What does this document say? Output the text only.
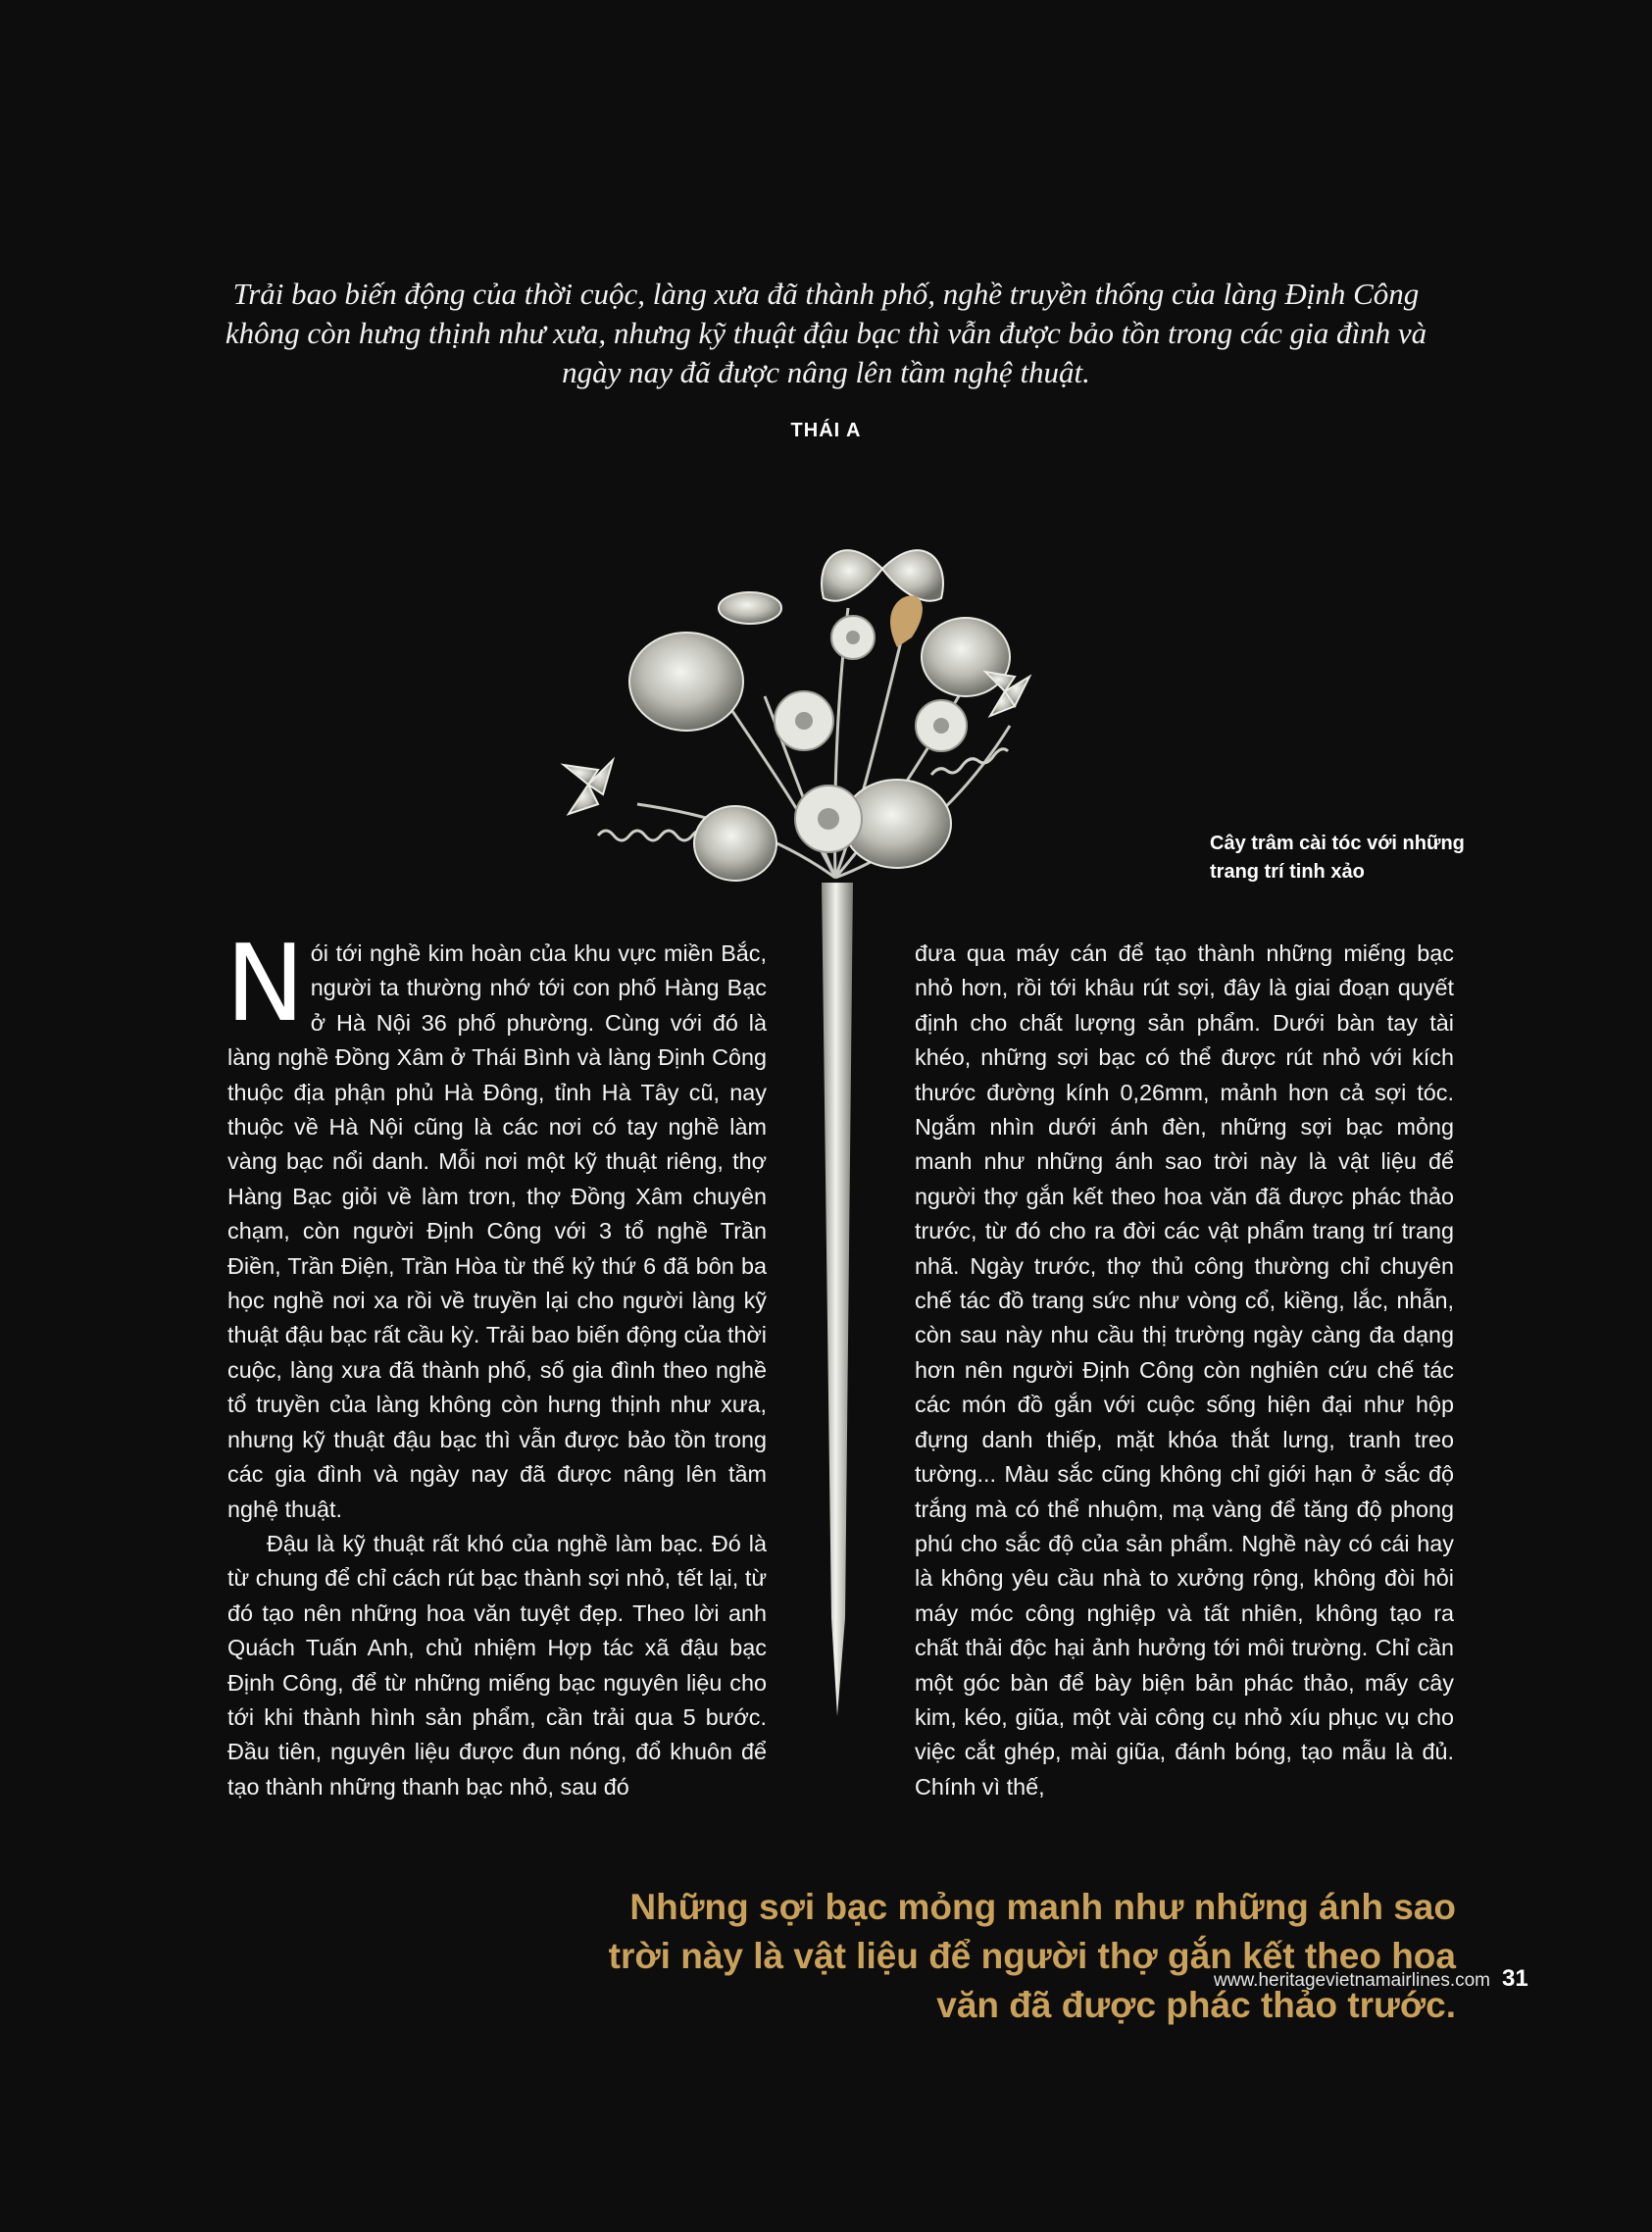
Trải bao biến động của thời cuộc, làng xưa đã thành phố, nghề truyền thống của làng Định Công không còn hưng thịnh như xưa, nhưng kỹ thuật đậu bạc thì vẫn được bảo tồn trong các gia đình và ngày nay đã được nâng lên tầm nghệ thuật.
THÁI A
Cây trâm cài tóc với những trang trí tinh xảo

Nói tới nghề kim hoàn của khu vực miền Bắc, người ta thường nhớ tới con phố Hàng Bạc ở Hà Nội 36 phố phường. Cùng với đó là làng nghề Đồng Xâm ở Thái Bình và làng Định Công thuộc địa phận phủ Hà Đông, tỉnh Hà Tây cũ, nay thuộc về Hà Nội cũng là các nơi có tay nghề làm vàng bạc nổi danh. Mỗi nơi một kỹ thuật riêng, thợ Hàng Bạc giỏi về làm trơn, thợ Đồng Xâm chuyên chạm, còn người Định Công với 3 tổ nghề Trần Điền, Trần Điện, Trần Hòa từ thế kỷ thứ 6 đã bôn ba học nghề nơi xa rồi về truyền lại cho người làng kỹ thuật đậu bạc rất cầu kỳ. Trải bao biến động của thời cuộc, làng xưa đã thành phố, số gia đình theo nghề tổ truyền của làng không còn hưng thịnh như xưa, nhưng kỹ thuật đậu bạc thì vẫn được bảo tồn trong các gia đình và ngày nay đã được nâng lên tầm nghệ thuật.

Đậu là kỹ thuật rất khó của nghề làm bạc. Đó là từ chung để chỉ cách rút bạc thành sợi nhỏ, tết lại, từ đó tạo nên những hoa văn tuyệt đẹp. Theo lời anh Quách Tuấn Anh, chủ nhiệm Hợp tác xã đậu bạc Định Công, để từ những miếng bạc nguyên liệu cho tới khi thành hình sản phẩm, cần trải qua 5 bước. Đầu tiên, nguyên liệu được đun nóng, đổ khuôn để tạo thành những thanh bạc nhỏ, sau đó

đưa qua máy cán để tạo thành những miếng bạc nhỏ hơn, rồi tới khâu rút sợi, đây là giai đoạn quyết định cho chất lượng sản phẩm. Dưới bàn tay tài khéo, những sợi bạc có thể được rút nhỏ với kích thước đường kính 0,26mm, mảnh hơn cả sợi tóc. Ngắm nhìn dưới ánh đèn, những sợi bạc mỏng manh như những ánh sao trời này là vật liệu để người thợ gắn kết theo hoa văn đã được phác thảo trước, từ đó cho ra đời các vật phẩm trang trí trang nhã. Ngày trước, thợ thủ công thường chỉ chuyên chế tác đồ trang sức như vòng cổ, kiềng, lắc, nhẫn, còn sau này nhu cầu thị trường ngày càng đa dạng hơn nên người Định Công còn nghiên cứu chế tác các món đồ gắn với cuộc sống hiện đại như hộp đựng danh thiếp, mặt khóa thắt lưng, tranh treo tường... Màu sắc cũng không chỉ giới hạn ở sắc độ trắng mà có thể nhuộm, mạ vàng để tăng độ phong phú cho sắc độ của sản phẩm. Nghề này có cái hay là không yêu cầu nhà to xưởng rộng, không đòi hỏi máy móc công nghiệp và tất nhiên, không tạo ra chất thải độc hại ảnh hưởng tới môi trường. Chỉ cần một góc bàn để bày biện bản phác thảo, mấy cây kim, kéo, giũa, một vài công cụ nhỏ xíu phục vụ cho việc cắt ghép, mài giũa, đánh bóng, tạo mẫu là đủ. Chính vì thế,

Những sợi bạc mỏng manh như những ánh sao trời này là vật liệu để người thợ gắn kết theo hoa văn đã được phác thảo trước.
www.heritagevietnamairlines.com 31
